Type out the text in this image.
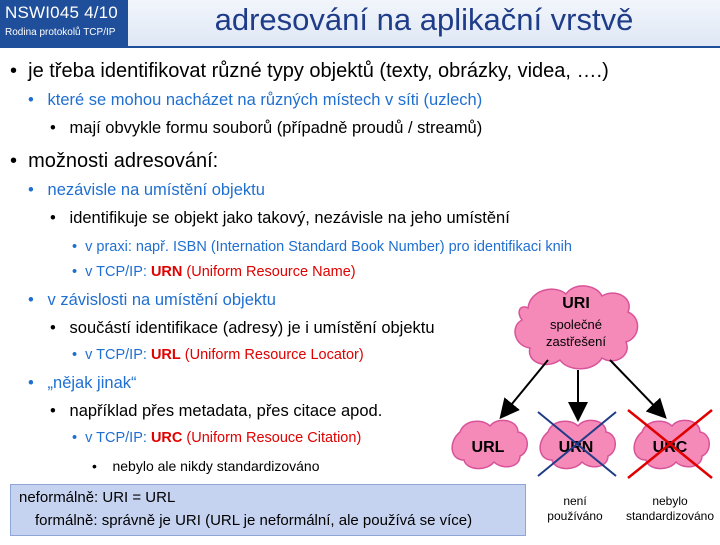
NSWI045 4/10
Rodina protokolů TCP/IP	adresování na aplikační vrstvě
•  je třeba identifikovat různé typy objektů (texty, obrázky, videa, ….)
•   které se mohou nacházet na různých místech v síti (uzlech)
•   mají obvykle formu souborů (případně proudů / streamů)
•  možnosti adresování:
•   nezávisle na umístění objektu
•   identifikuje se objekt jako takový, nezávisle na jeho umístění
•  v praxi: např. ISBN (Internation Standard Book Number) pro identifikaci knih
•  v TCP/IP: URN (Uniform Resource Name)
•   v závislosti na umístění objektu
•   součástí identifikace (adresy) je i umístění objektu
•  v TCP/IP: URL (Uniform Resource Locator)
•   „nějak jinak“
•   například přes metadata, přes citace apod.
•  v TCP/IP: URC (Uniform Resouce Citation)
•    nebylo ale nikdy standardizováno
neformálně: URI = URL
formálně: správně je URI (URL je neformální, ale používá se více)
URI
společné
zastřešení
URL	URN	URC
není
používáno
nebylo
standardizováno
